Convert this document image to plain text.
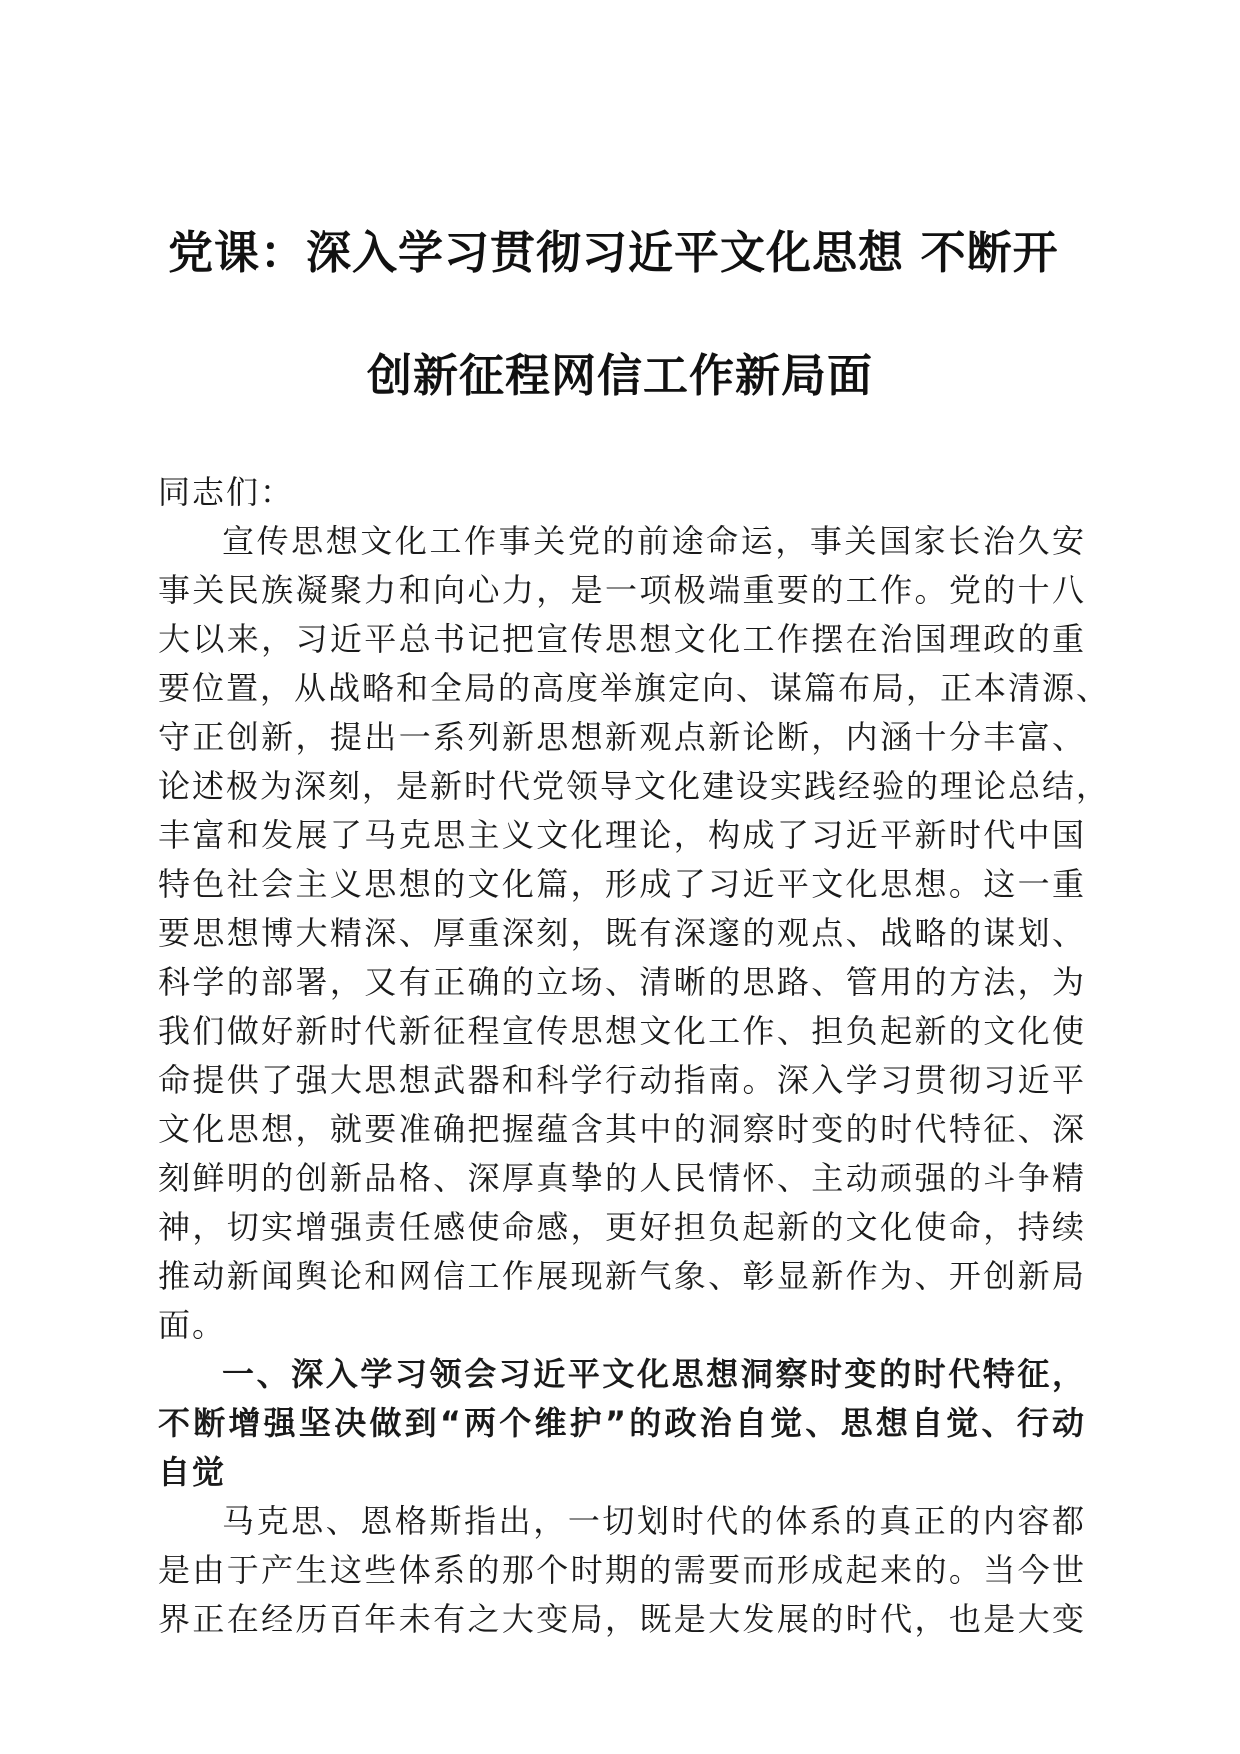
党课：深入学习贯彻习近平文化思想 不断开
创新征程网信工作新局面

同志们：

宣传思想文化工作事关党的前途命运，事关国家长治久安

事关民族凝聚力和向心力，是一项极端重要的工作。党的十八

大以来，习近平总书记把宣传思想文化工作摆在治国理政的重

要位置，从战略和全局的高度举旗定向、谋篇布局，正本清源、

守正创新，提出一系列新思想新观点新论断，内涵十分丰富、

论述极为深刻，是新时代党领导文化建设实践经验的理论总结，

丰富和发展了马克思主义文化理论，构成了习近平新时代中国

特色社会主义思想的文化篇，形成了习近平文化思想。这一重

要思想博大精深、厚重深刻，既有深邃的观点、战略的谋划、

科学的部署，又有正确的立场、清晰的思路、管用的方法，为

我们做好新时代新征程宣传思想文化工作、担负起新的文化使

命提供了强大思想武器和科学行动指南。深入学习贯彻习近平

文化思想，就要准确把握蕴含其中的洞察时变的时代特征、深

刻鲜明的创新品格、深厚真挚的人民情怀、主动顽强的斗争精

神，切实增强责任感使命感，更好担负起新的文化使命，持续

推动新闻舆论和网信工作展现新气象、彰显新作为、开创新局

面。

一、深入学习领会习近平文化思想洞察时变的时代特征，

不断增强坚决做到“两个维护”的政治自觉、思想自觉、行动

自觉

马克思、恩格斯指出，一切划时代的体系的真正的内容都

是由于产生这些体系的那个时期的需要而形成起来的。当今世

界正在经历百年未有之大变局，既是大发展的时代，也是大变
